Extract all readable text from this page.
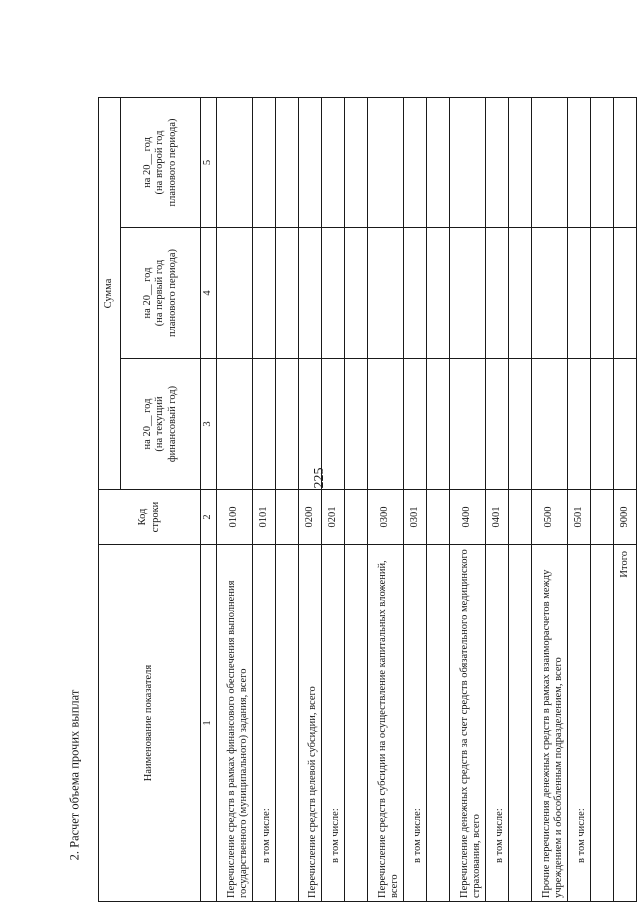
225
2. Расчет объема прочих выплат	Наименование показателя	Код строки	Сумма		

		на 20__ год (на текущий финансовый год)	на 20__ год (на первый год планового периода)	на 20__ год (на второй год планового периода)

1	2	3	4	5
Перечисление средств в рамках финансового обеспечения выполнения государственного (муниципального) задания, всего	0100			
в том числе:	0101			

Перечисление средств целевой субсидии, всего	0200			
в том числе:	0201			

Перечисление средств субсидии на осуществление капитальных вложений, всего	0300			
в том числе:	0301			

Перечисление денежных средств за счет средств обязательного медицинского страхования, всего	0400			
в том числе:	0401			

Прочие перечисления денежных средств в рамках взаиморасчетов между учреждением и обособленным подразделением, всего	0500			
в том числе:	0501			

Итого	9000			
